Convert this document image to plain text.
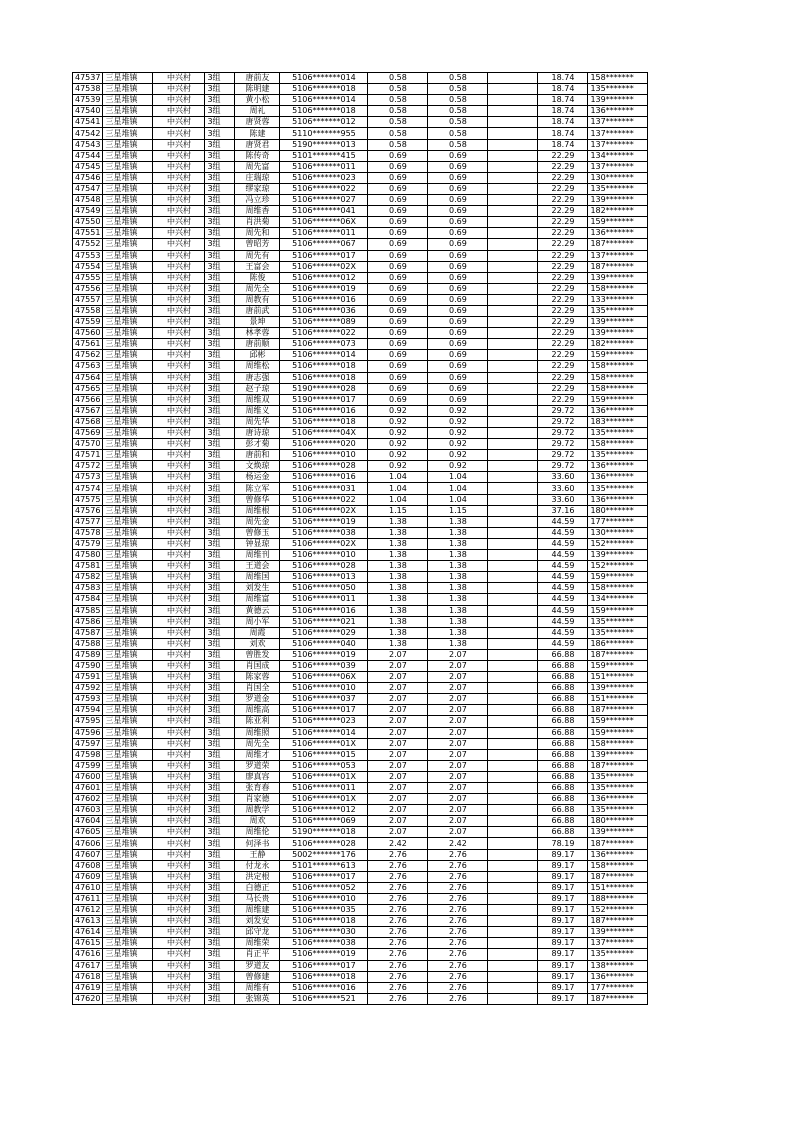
47537	三星堆镇	中兴村	3组	唐前友	5106*******014	0.58	0.58		18.74	158*******
47538	三星堆镇	中兴村	3组	陈明建	5106*******018	0.58	0.58		18.74	135*******
47539	三星堆镇	中兴村	3组	黄小松	5106*******014	0.58	0.58		18.74	139*******
47540	三星堆镇	中兴村	3组	周礼	5106*******018	0.58	0.58		18.74	136*******
47541	三星堆镇	中兴村	3组	唐贤蓉	5106*******012	0.58	0.58		18.74	137*******
47542	三星堆镇	中兴村	3组	陈建	5110*******955	0.58	0.58		18.74	137*******
47543	三星堆镇	中兴村	3组	唐贤君	5190*******013	0.58	0.58		18.74	137*******
47544	三星堆镇	中兴村	3组	陈传奇	5101*******415	0.69	0.69		22.29	134*******
47545	三星堆镇	中兴村	3组	周先富	5106*******011	0.69	0.69		22.29	137*******
47546	三星堆镇	中兴村	3组	庄瑞琼	5106*******023	0.69	0.69		22.29	130*******
47547	三星堆镇	中兴村	3组	缪家琼	5106*******022	0.69	0.69		22.29	135*******
47548	三星堆镇	中兴村	3组	冯立珍	5106*******027	0.69	0.69		22.29	139*******
47549	三星堆镇	中兴村	3组	周维香	5106*******041	0.69	0.69		22.29	182*******
47550	三星堆镇	中兴村	3组	肖洪菊	5106*******06X	0.69	0.69		22.29	159*******
47551	三星堆镇	中兴村	3组	周先和	5106*******011	0.69	0.69		22.29	136*******
47552	三星堆镇	中兴村	3组	曾昭芳	5106*******067	0.69	0.69		22.29	187*******
47553	三星堆镇	中兴村	3组	周先有	5106*******017	0.69	0.69		22.29	137*******
47554	三星堆镇	中兴村	3组	王富会	5106*******02X	0.69	0.69		22.29	187*******
47555	三星堆镇	中兴村	3组	陈俊	5106*******012	0.69	0.69		22.29	139*******
47556	三星堆镇	中兴村	3组	周先全	5106*******019	0.69	0.69		22.29	158*******
47557	三星堆镇	中兴村	3组	周教有	5106*******016	0.69	0.69		22.29	133*******
47558	三星堆镇	中兴村	3组	唐前武	5106*******036	0.69	0.69		22.29	135*******
47559	三星堆镇	中兴村	3组	景坤	5106*******089	0.69	0.69		22.29	139*******
47560	三星堆镇	中兴村	3组	林孝蓉	5106*******022	0.69	0.69		22.29	139*******
47561	三星堆镇	中兴村	3组	唐前顺	5106*******073	0.69	0.69		22.29	182*******
47562	三星堆镇	中兴村	3组	邱彬	5106*******014	0.69	0.69		22.29	159*******
47563	三星堆镇	中兴村	3组	周维松	5106*******018	0.69	0.69		22.29	158*******
47564	三星堆镇	中兴村	3组	唐志强	5106*******018	0.69	0.69		22.29	158*******
47565	三星堆镇	中兴村	3组	赵子琼	5190*******028	0.69	0.69		22.29	158*******
47566	三星堆镇	中兴村	3组	周维双	5190*******017	0.69	0.69		22.29	159*******
47567	三星堆镇	中兴村	3组	周维义	5106*******016	0.92	0.92		29.72	136*******
47568	三星堆镇	中兴村	3组	周先华	5106*******018	0.92	0.92		29.72	183*******
47569	三星堆镇	中兴村	3组	唐诗琼	5106*******04X	0.92	0.92		29.72	135*******
47570	三星堆镇	中兴村	3组	彭才菊	5106*******020	0.92	0.92		29.72	158*******
47571	三星堆镇	中兴村	3组	唐前和	5106*******010	0.92	0.92		29.72	135*******
47572	三星堆镇	中兴村	3组	文焕琼	5106*******028	0.92	0.92		29.72	136*******
47573	三星堆镇	中兴村	3组	杨运金	5106*******016	1.04	1.04		33.60	136*******
47574	三星堆镇	中兴村	3组	陈立军	5106*******031	1.04	1.04		33.60	135*******
47575	三星堆镇	中兴村	3组	曾修华	5106*******022	1.04	1.04		33.60	136*******
47576	三星堆镇	中兴村	3组	周维根	5106*******02X	1.15	1.15		37.16	180*******
47577	三星堆镇	中兴村	3组	周先金	5106*******019	1.38	1.38		44.59	177*******
47578	三星堆镇	中兴村	3组	曾修玉	5106*******038	1.38	1.38		44.59	130*******
47579	三星堆镇	中兴村	3组	钟显琼	5106*******02X	1.38	1.38		44.59	152*******
47580	三星堆镇	中兴村	3组	周维刊	5106*******010	1.38	1.38		44.59	139*******
47581	三星堆镇	中兴村	3组	王道会	5106*******028	1.38	1.38		44.59	152*******
47582	三星堆镇	中兴村	3组	周维国	5106*******013	1.38	1.38		44.59	159*******
47583	三星堆镇	中兴村	3组	刘发生	5106*******050	1.38	1.38		44.59	158*******
47584	三星堆镇	中兴村	3组	周维富	5106*******011	1.38	1.38		44.59	134*******
47585	三星堆镇	中兴村	3组	黄德云	5106*******016	1.38	1.38		44.59	159*******
47586	三星堆镇	中兴村	3组	周小军	5106*******021	1.38	1.38		44.59	135*******
47587	三星堆镇	中兴村	3组	周霞	5106*******029	1.38	1.38		44.59	135*******
47588	三星堆镇	中兴村	3组	刘欢	5106*******040	1.38	1.38		44.59	186*******
47589	三星堆镇	中兴村	3组	曾胜发	5106*******019	2.07	2.07		66.88	187*******
47590	三星堆镇	中兴村	3组	肖国成	5106*******039	2.07	2.07		66.88	159*******
47591	三星堆镇	中兴村	3组	陈家蓉	5106*******06X	2.07	2.07		66.88	151*******
47592	三星堆镇	中兴村	3组	肖国全	5106*******010	2.07	2.07		66.88	139*******
47593	三星堆镇	中兴村	3组	罗道金	5106*******037	2.07	2.07		66.88	151*******
47594	三星堆镇	中兴村	3组	周维高	5106*******017	2.07	2.07		66.88	187*******
47595	三星堆镇	中兴村	3组	陈亚利	5106*******023	2.07	2.07		66.88	159*******
47596	三星堆镇	中兴村	3组	周维照	5106*******014	2.07	2.07		66.88	159*******
47597	三星堆镇	中兴村	3组	周先全	5106*******01X	2.07	2.07		66.88	158*******
47598	三星堆镇	中兴村	3组	周维才	5106*******015	2.07	2.07		66.88	139*******
47599	三星堆镇	中兴村	3组	罗道荣	5106*******053	2.07	2.07		66.88	187*******
47600	三星堆镇	中兴村	3组	廖真容	5106*******01X	2.07	2.07		66.88	135*******
47601	三星堆镇	中兴村	3组	张育春	5106*******011	2.07	2.07		66.88	135*******
47602	三星堆镇	中兴村	3组	肖家德	5106*******01X	2.07	2.07		66.88	136*******
47603	三星堆镇	中兴村	3组	周教学	5106*******012	2.07	2.07		66.88	135*******
47604	三星堆镇	中兴村	3组	周欢	5106*******069	2.07	2.07		66.88	180*******
47605	三星堆镇	中兴村	3组	周维伦	5190*******018	2.07	2.07		66.88	139*******
47606	三星堆镇	中兴村	3组	何泽书	5106*******028	2.42	2.42		78.19	187*******
47607	三星堆镇	中兴村	3组	王静	5002*******176	2.76	2.76		89.17	136*******
47608	三星堆镇	中兴村	3组	付龙永	5101*******613	2.76	2.76		89.17	158*******
47609	三星堆镇	中兴村	3组	洪定根	5106*******017	2.76	2.76		89.17	187*******
47610	三星堆镇	中兴村	3组	白德正	5106*******052	2.76	2.76		89.17	151*******
47611	三星堆镇	中兴村	3组	马长贵	5106*******010	2.76	2.76		89.17	188*******
47612	三星堆镇	中兴村	3组	周维建	5106*******035	2.76	2.76		89.17	152*******
47613	三星堆镇	中兴村	3组	刘发安	5106*******018	2.76	2.76		89.17	187*******
47614	三星堆镇	中兴村	3组	邱守龙	5106*******030	2.76	2.76		89.17	139*******
47615	三星堆镇	中兴村	3组	周维荣	5106*******038	2.76	2.76		89.17	137*******
47616	三星堆镇	中兴村	3组	肖正平	5106*******019	2.76	2.76		89.17	135*******
47617	三星堆镇	中兴村	3组	罗道友	5106*******017	2.76	2.76		89.17	138*******
47618	三星堆镇	中兴村	3组	曾修建	5106*******018	2.76	2.76		89.17	136*******
47619	三星堆镇	中兴村	3组	周维有	5106*******016	2.76	2.76		89.17	177*******
47620	三星堆镇	中兴村	3组	张锦英	5106*******521	2.76	2.76		89.17	187*******
